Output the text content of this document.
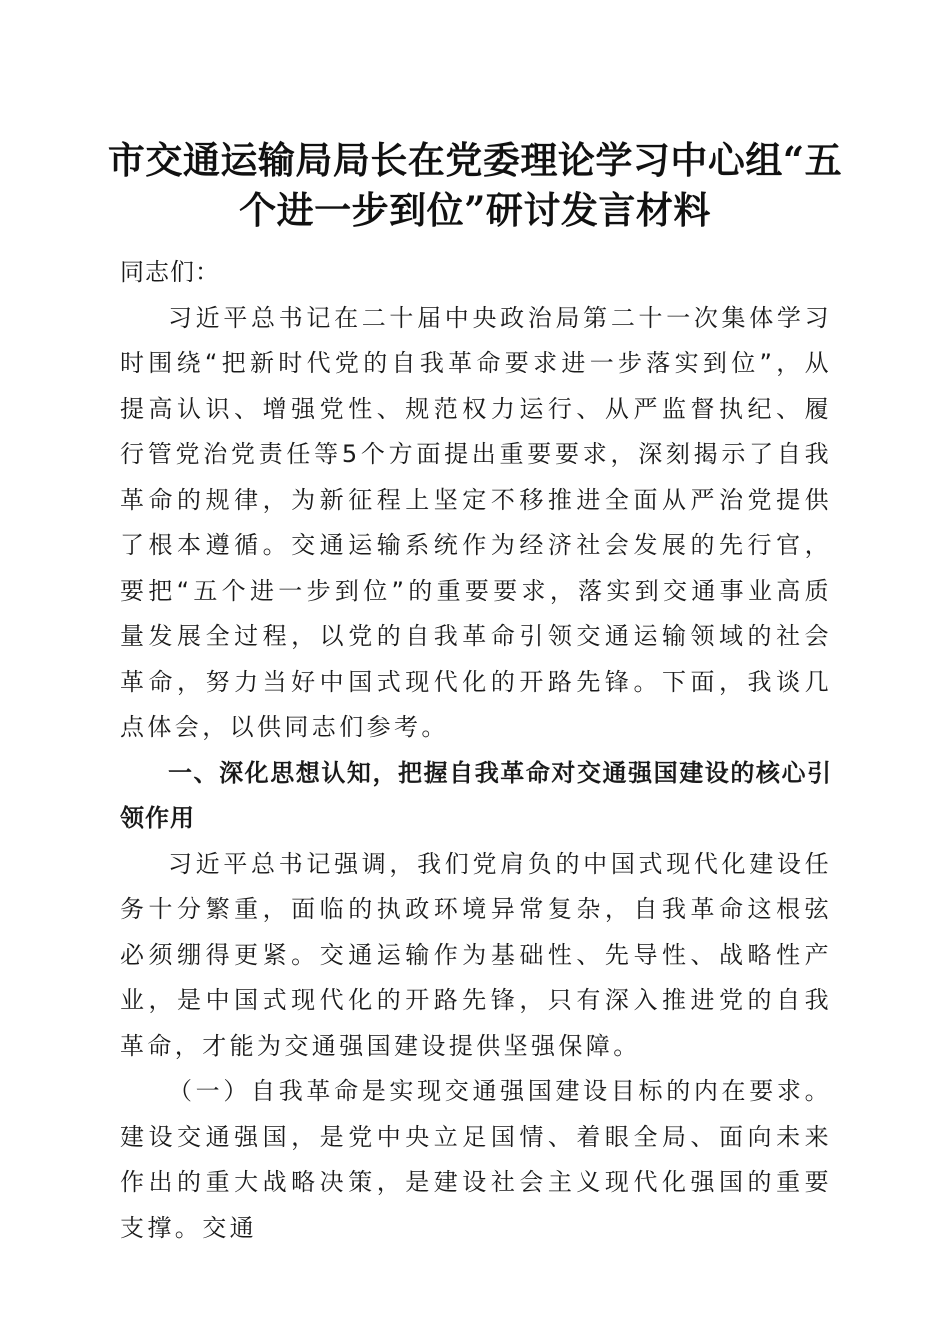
市交通运输局局长在党委理论学习中心组“五
个进一步到位”研讨发言材料

同志们：

习近平总书记在二十届中央政治局第二十一次集体学习时围绕“把新时代党的自我革命要求进一步落实到位”，从提高认识、增强党性、规范权力运行、从严监督执纪、履行管党治党责任等5个方面提出重要要求，深刻揭示了自我革命的规律，为新征程上坚定不移推进全面从严治党提供了根本遵循。交通运输系统作为经济社会发展的先行官，要把“五个进一步到位”的重要要求，落实到交通事业高质量发展全过程，以党的自我革命引领交通运输领域的社会革命，努力当好中国式现代化的开路先锋。下面，我谈几点体会，以供同志们参考。

一、深化思想认知，把握自我革命对交通强国建设的核心引领作用

习近平总书记强调，我们党肩负的中国式现代化建设任务十分繁重，面临的执政环境异常复杂，自我革命这根弦必须绷得更紧。交通运输作为基础性、先导性、战略性产业，是中国式现代化的开路先锋，只有深入推进党的自我革命，才能为交通强国建设提供坚强保障。

（一）自我革命是实现交通强国建设目标的内在要求。建设交通强国，是党中央立足国情、着眼全局、面向未来作出的重大战略决策，是建设社会主义现代化强国的重要支撑。交通
